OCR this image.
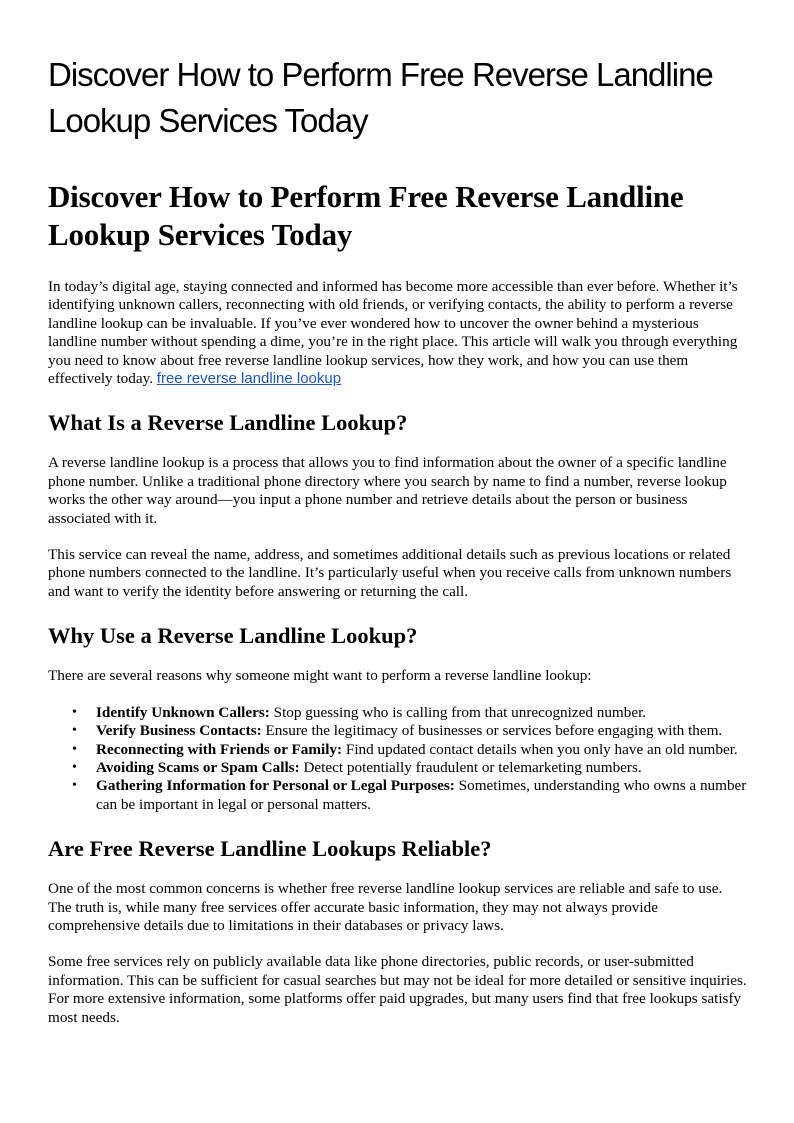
Discover How to Perform Free Reverse Landline Lookup Services Today
Discover How to Perform Free Reverse Landline Lookup Services Today

In today’s digital age, staying connected and informed has become more accessible than ever before. Whether it’s identifying unknown callers, reconnecting with old friends, or verifying contacts, the ability to perform a reverse landline lookup can be invaluable. If you’ve ever wondered how to uncover the owner behind a mysterious landline number without spending a dime, you’re in the right place. This article will walk you through everything you need to know about free reverse landline lookup services, how they work, and how you can use them effectively today. free reverse landline lookup

What Is a Reverse Landline Lookup?

A reverse landline lookup is a process that allows you to find information about the owner of a specific landline phone number. Unlike a traditional phone directory where you search by name to find a number, reverse lookup works the other way around—you input a phone number and retrieve details about the person or business associated with it.

This service can reveal the name, address, and sometimes additional details such as previous locations or related phone numbers connected to the landline. It’s particularly useful when you receive calls from unknown numbers and want to verify the identity before answering or returning the call.

Why Use a Reverse Landline Lookup?

There are several reasons why someone might want to perform a reverse landline lookup:

• Identify Unknown Callers: Stop guessing who is calling from that unrecognized number.
• Verify Business Contacts: Ensure the legitimacy of businesses or services before engaging with them.
• Reconnecting with Friends or Family: Find updated contact details when you only have an old number.
• Avoiding Scams or Spam Calls: Detect potentially fraudulent or telemarketing numbers.
• Gathering Information for Personal or Legal Purposes: Sometimes, understanding who owns a number can be important in legal or personal matters.
Are Free Reverse Landline Lookups Reliable?

One of the most common concerns is whether free reverse landline lookup services are reliable and safe to use. The truth is, while many free services offer accurate basic information, they may not always provide comprehensive details due to limitations in their databases or privacy laws.

Some free services rely on publicly available data like phone directories, public records, or user-submitted information. This can be sufficient for casual searches but may not be ideal for more detailed or sensitive inquiries. For more extensive information, some platforms offer paid upgrades, but many users find that free lookups satisfy most needs.
